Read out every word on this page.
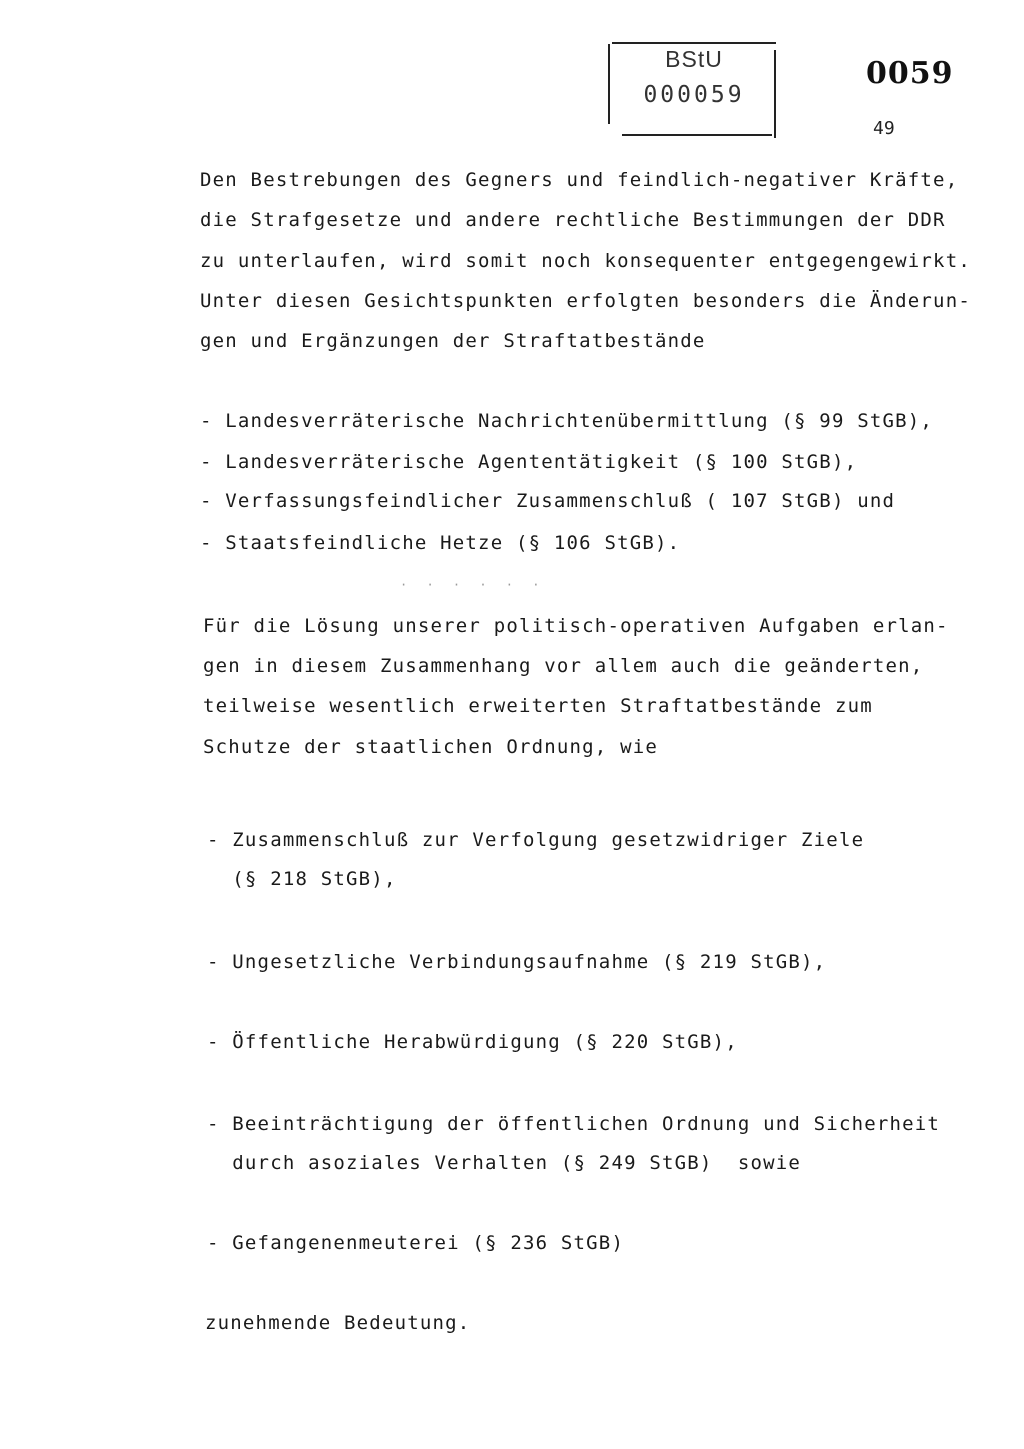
BStU
000059
0059
49
Den Bestrebungen des Gegners und feindlich-negativer Kräfte,
die Strafgesetze und andere rechtliche Bestimmungen der DDR
zu unterlaufen, wird somit noch konsequenter entgegengewirkt.
Unter diesen Gesichtspunkten erfolgten besonders die Änderun-
gen und Ergänzungen der Straftatbestände
- Landesverräterische Nachrichtenübermittlung (§ 99 StGB),
- Landesverräterische Agententätigkeit (§ 100 StGB),
- Verfassungsfeindlicher Zusammenschluß ( 107 StGB) und
- Staatsfeindliche Hetze (§ 106 StGB).
· · · · · ·
Für die Lösung unserer politisch-operativen Aufgaben erlan-
gen in diesem Zusammenhang vor allem auch die geänderten,
teilweise wesentlich erweiterten Straftatbestände zum
Schutze der staatlichen Ordnung, wie
- Zusammenschluß zur Verfolgung gesetzwidriger Ziele
(§ 218 StGB),
- Ungesetzliche Verbindungsaufnahme (§ 219 StGB),
- Öffentliche Herabwürdigung (§ 220 StGB),
- Beeinträchtigung der öffentlichen Ordnung und Sicherheit
durch asoziales Verhalten (§ 249 StGB)  sowie
- Gefangenenmeuterei (§ 236 StGB)
zunehmende Bedeutung.
